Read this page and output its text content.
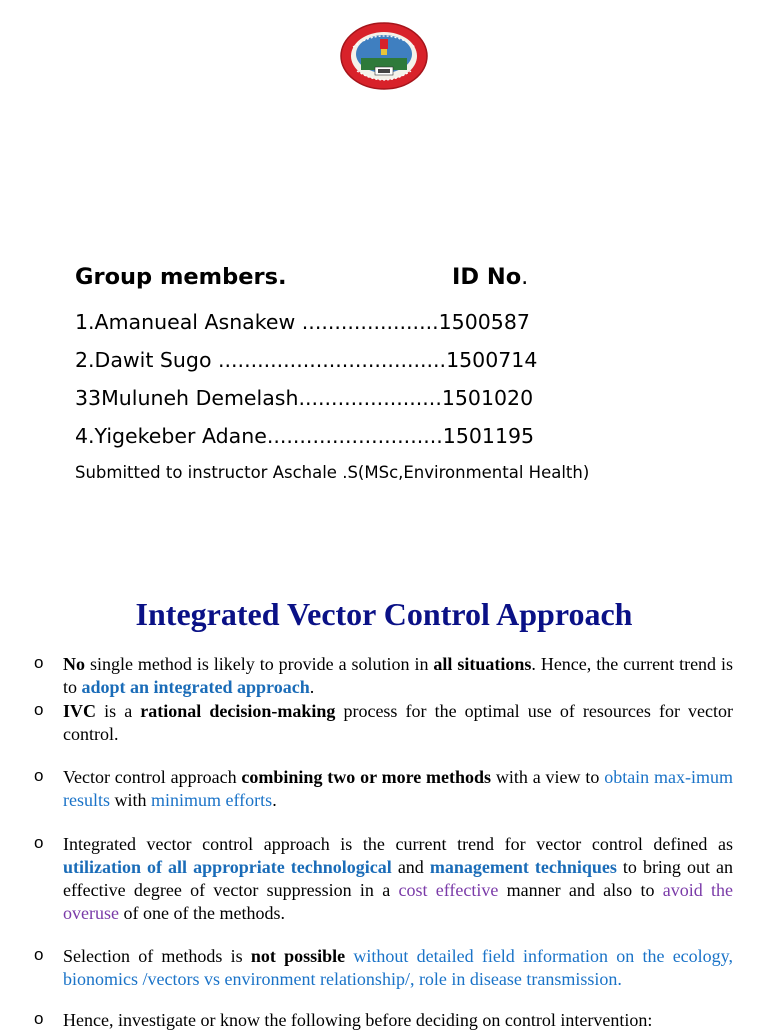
Group members.	ID No.
1.Amanueal Asnakew .....................1500587
2.Dawit Sugo ...................................1500714
33Muluneh Demelash......................1501020
4.Yigekeber Adane...........................1501195
Submitted to instructor Aschale .S(MSc,Environmental Health)
Integrated Vector Control Approach
o No single method is likely to provide a solution in all situations. Hence, the current trend is to adopt an integrated approach.
o IVC is a rational decision-making process for the optimal use of resources for vector control.
o Vector control approach combining two or more methods with a view to obtain max-imum results with minimum efforts.
o Integrated vector control approach is the current trend for vector control defined as utilization of all appropriate technological and management techniques to bring out an effective degree of vector suppression in a cost effective manner and also to avoid the overuse of one of the methods.
o Selection of methods is not possible without detailed field information on the ecology, bionomics /vectors vs environment relationship/, role in disease transmission.
o Hence, investigate or know the following before deciding on control intervention:
